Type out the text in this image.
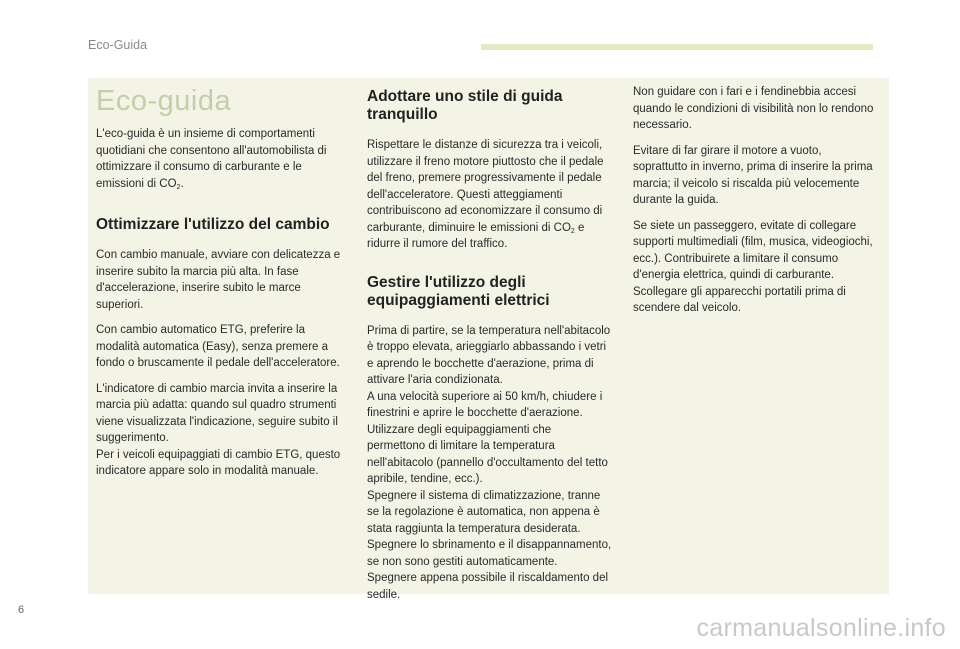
Eco-Guida
Eco-guida

L'eco-guida è un insieme di comportamenti quotidiani che consentono all'automobilista di ottimizzare il consumo di carburante e le emissioni di $CO_2$.

Ottimizzare l'utilizzo del cambio

Con cambio manuale, avviare con delicatezza e inserire subito la marcia più alta. In fase d'accelerazione, inserire subito le marce superiori.

Con cambio automatico ETG, preferire la modalità automatica (Easy), senza premere a fondo o bruscamente il pedale dell'acceleratore.

L'indicatore di cambio marcia invita a inserire la marcia più adatta: quando sul quadro strumenti viene visualizzata l'indicazione, seguire subito il suggerimento.

Per i veicoli equipaggiati di cambio ETG, questo indicatore appare solo in modalità manuale.

Adottare uno stile di guida tranquillo

Rispettare le distanze di sicurezza tra i veicoli, utilizzare il freno motore piuttosto che il pedale del freno, premere progressivamente il pedale dell'acceleratore. Questi atteggiamenti contribuiscono ad economizzare il consumo di carburante, diminuire le emissioni di $CO_2$ e ridurre il rumore del traffico.

Gestire l'utilizzo degli equipaggiamenti elettrici

Prima di partire, se la temperatura nell'abitacolo è troppo elevata, arieggiarlo abbassando i vetri e aprendo le bocchette d'aerazione, prima di attivare l'aria condizionata.

A una velocità superiore ai 50 km/h, chiudere i finestrini e aprire le bocchette d'aerazione.

Utilizzare degli equipaggiamenti che permettono di limitare la temperatura nell'abitacolo (pannello d'occultamento del tetto apribile, tendine, ecc.).

Spegnere il sistema di climatizzazione, tranne se la regolazione è automatica, non appena è stata raggiunta la temperatura desiderata.

Spegnere lo sbrinamento e il disappannamento, se non sono gestiti automaticamente.

Spegnere appena possibile il riscaldamento del sedile.

Non guidare con i fari e i fendinebbia accesi quando le condizioni di visibilità non lo rendono necessario.

Evitare di far girare il motore a vuoto, soprattutto in inverno, prima di inserire la prima marcia; il veicolo si riscalda più velocemente durante la guida.

Se siete un passeggero, evitate di collegare supporti multimediali (film, musica, videogiochi, ecc.). Contribuirete a limitare il consumo d'energia elettrica, quindi di carburante.

Scollegare gli apparecchi portatili prima di scendere dal veicolo.

6
carmanualsonline.info
